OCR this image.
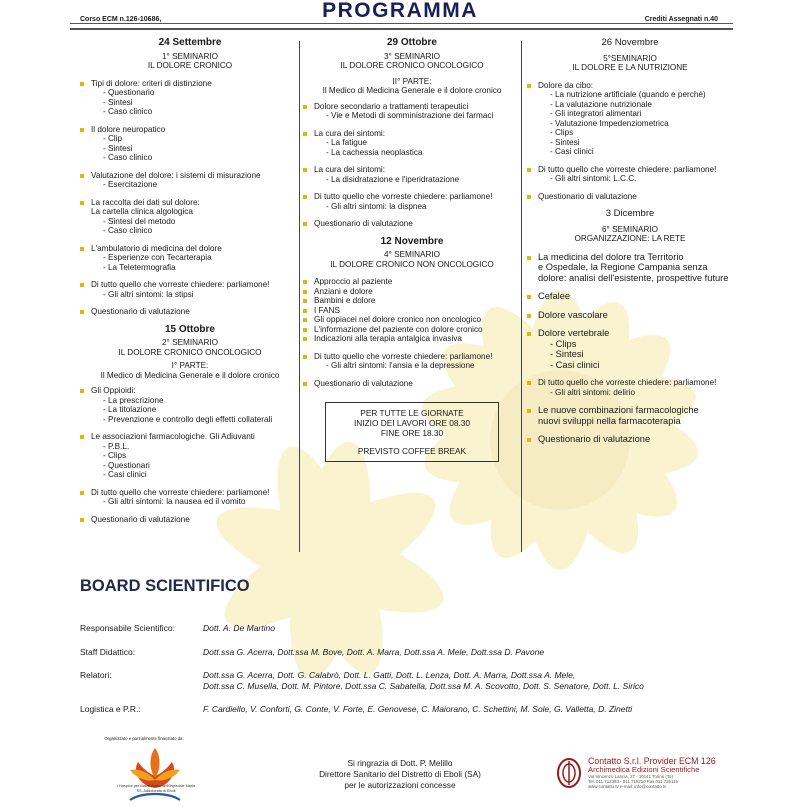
Corso ECM n.126-10686,	PROGRAMMA	Crediti Assegnati n.40
24 Settembre
1° SEMINARIO
IL DOLORE CRONICO
Tipi di dolore: criteri di distinzione
- Questionario
- Sintesi
- Caso clinico
Il dolore neuropatico
- Clip
- Sintesi
- Caso clinico
Valutazione del dolore: i sistemi di misurazione
- Esercitazione
La raccolta dei dati sul dolore:
La cartella clinica algologica
- Sintesi del metodo
- Caso clinico
L'ambulatorio di medicina del dolore
- Esperienze con Tecarterapia
- La Teletermografia
Di tutto quello che vorreste chiedere: parliamone!
- Gli altri sintomi: la stipsi
Questionario di valutazione
15 Ottobre
2° SEMINARIO
IL DOLORE CRONICO ONCOLOGICO
I° PARTE:
Il Medico di Medicina Generale e il dolore cronico
Gli Oppioidi:
- La prescrizione
- La titolazione
- Prevenzione e controllo degli effetti collaterali
Le associazioni farmacologiche. Gli Adiuvanti
- P.B.L.
- Clips
- Questionari
- Casi clinici
Di tutto quello che vorreste chiedere: parliamone!
- Gli altri sintomi: la nausea ed il vomito
Questionario di valutazione
29 Ottobre
3° SEMINARIO
IL DOLORE CRONICO ONCOLOGICO
II° PARTE:
Il Medico di Medicina Generale e il dolore cronico
Dolore secondario a trattamenti terapeutici
- Vie e Metodi di somministrazione dei farmaci
La cura dei sintomi:
- La fatigue
- La cachessia neoplastica
La cura dei sintomi:
- La disidratazione e l'iperidratazione
Di tutto quello che vorreste chiedere: parliamone!
- Gli altri sintomi: la dispnea
Questionario di valutazione
12 Novembre
4° SEMINARIO
IL DOLORE CRONICO NON ONCOLOGICO
Approccio al paziente
Anziani e dolore
Bambini e dolore
I FANS
Gli oppiacei nel dolore cronico non oncologico
L'informazione del paziente con dolore cronico
Indicazioni alla terapia antalgica invasiva
Di tutto quello che vorreste chiedere: parliamone!
- Gli altri sintomi: l'ansia e la depressione
Questionario di valutazione
PER TUTTE LE GIORNATE
INIZIO DEI LAVORI ORE 08.30
FINE ORE 18.30
PREVISTO COFFEE BREAK
26 Novembre
5°SEMINARIO
IL DOLORE E LA NUTRIZIONE
Dolore da cibo:
- La nutrizione artificiale (quando e perché)
- La valutazione nutrizionale
- Gli integratori alimentari
- Valutazione Impedenziometrica
- Clips
- Sintesi
- Casi clinici
Di tutto quello che vorreste chiedere: parliamone!
- Gli altri sintomi: L.C.C.
Questionario di valutazione
3 Dicembre
6° SEMINARIO
ORGANIZZAZIONE: LA RETE
La medicina del dolore tra Territorio
e Ospedale, la Regione Campania senza
dolore: analisi dell'esistente, prospettive future
Cefalee
Dolore vascolare
Dolore vertebrale
- Clips
- Sintesi
- Casi clinici
Di tutto quello che vorreste chiedere: parliamone!
- Gli altri sintomi: delirio
Le nuove combinazioni farmacologiche
nuovi sviluppi nella farmacoterapia
Questionario di valutazione
BOARD SCIENTIFICO
Responsabile Scientifico:	Dott. A. De Martino
Staff Didattico:	Dott.ssa G. Acerra, Dott.ssa M. Bove, Dott. A. Marra, Dott.ssa A. Mele, Dott.ssa D. Pavone
Relatori:	Dott.ssa G. Acerra, Dott. G. Calabrò, Dott. L. Gatti, Dott. L. Lenza, Dott. A. Marra, Dott.ssa A. Mele,
Dott.ssa C. Musella, Dott. M. Pintore, Dott.ssa C. Sabatella, Dott.ssa M. A. Scovotto, Dott. S. Senatore, Dott. L. Sirico
Logistica e P.R.:	F. Cardiello, V. Conforti, G. Conte, V. Forte, E. Genovese, C. Maiorano, C. Schettini, M. Sole, G. Valletta, D. Zinetti
Organizzato e parzialmente finanziato da:
I Hospice per Malati Amici dell'Ospedale Maria SS. Addolorata di Eboli
Si ringrazia di Dott. P. Melillo
Direttore Sanitario del Distretto di Eboli (SA)
per le autorizzazioni concesse
Contatto S.r.l. Provider ECM 126
Archimedica Edizioni Scientifiche
Via Vincenzo Lancia, 27 - 10141 Torino (To)
Tel. 011.712393 - 011.715210 Fax 011.726115
www.contatto.tv e-mail: info@contatto.tv
